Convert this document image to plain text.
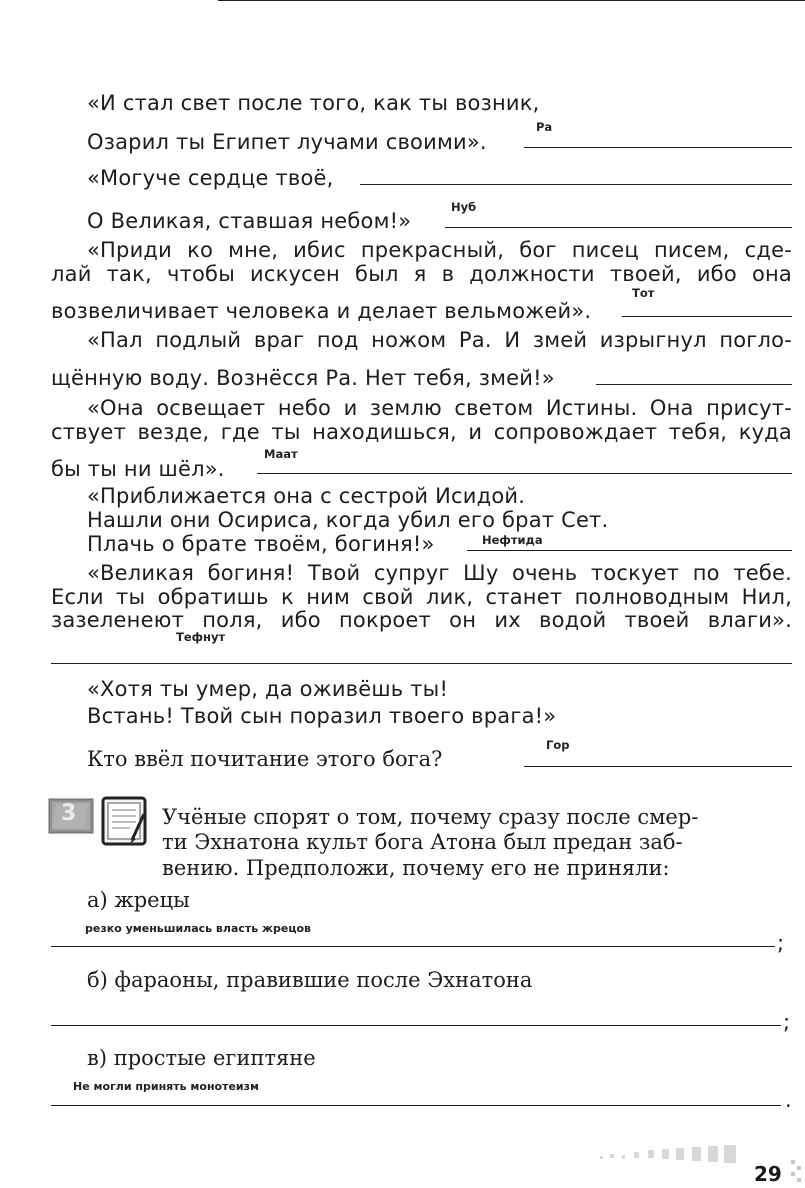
«И стал свет после того, как ты возник,
Озарил ты Египет лучами своими».
Ра
«Могуче сердце твоё,
О Великая, ставшая небом!»
Нуб
«Приди ко мне, ибис прекрасный, бог писец писем, сде-
лай так, чтобы искусен был я в должности твоей, ибо она
возвеличивает человека и делает вельможей».
Тот
«Пал подлый враг под ножом Ра. И змей изрыгнул погло-
щённую воду. Вознёсся Ра. Нет тебя, змей!»
«Она освещает небо и землю светом Истины. Она присут-
ствует везде, где ты находишься, и сопровождает тебя, куда
бы ты ни шёл».
Маат
«Приближается она с сестрой Исидой.
Нашли они Осириса, когда убил его брат Сет.
Плачь о брате твоём, богиня!»	Нефтида
«Великая богиня! Твой супруг Шу очень тоскует по тебе.
Если ты обратишь к ним свой лик, станет полноводным Нил,
зазеленеют поля, ибо покроет он их водой твоей влаги».
Тефнут
«Хотя ты умер, да оживёшь ты!
Встань! Твой сын поразил твоего врага!»
Кто ввёл почитание этого бога?
Гор
3	Учёные спорят о том, почему сразу после смер-
ти Эхнатона культ бога Атона был предан заб-
вению. Предположи, почему его не приняли:
а) жрецы
резко уменьшилась власть жрецов
;
б) фараоны, правившие после Эхнатона
;
в) простые египтяне
Не могли принять монотеизм
.
29
